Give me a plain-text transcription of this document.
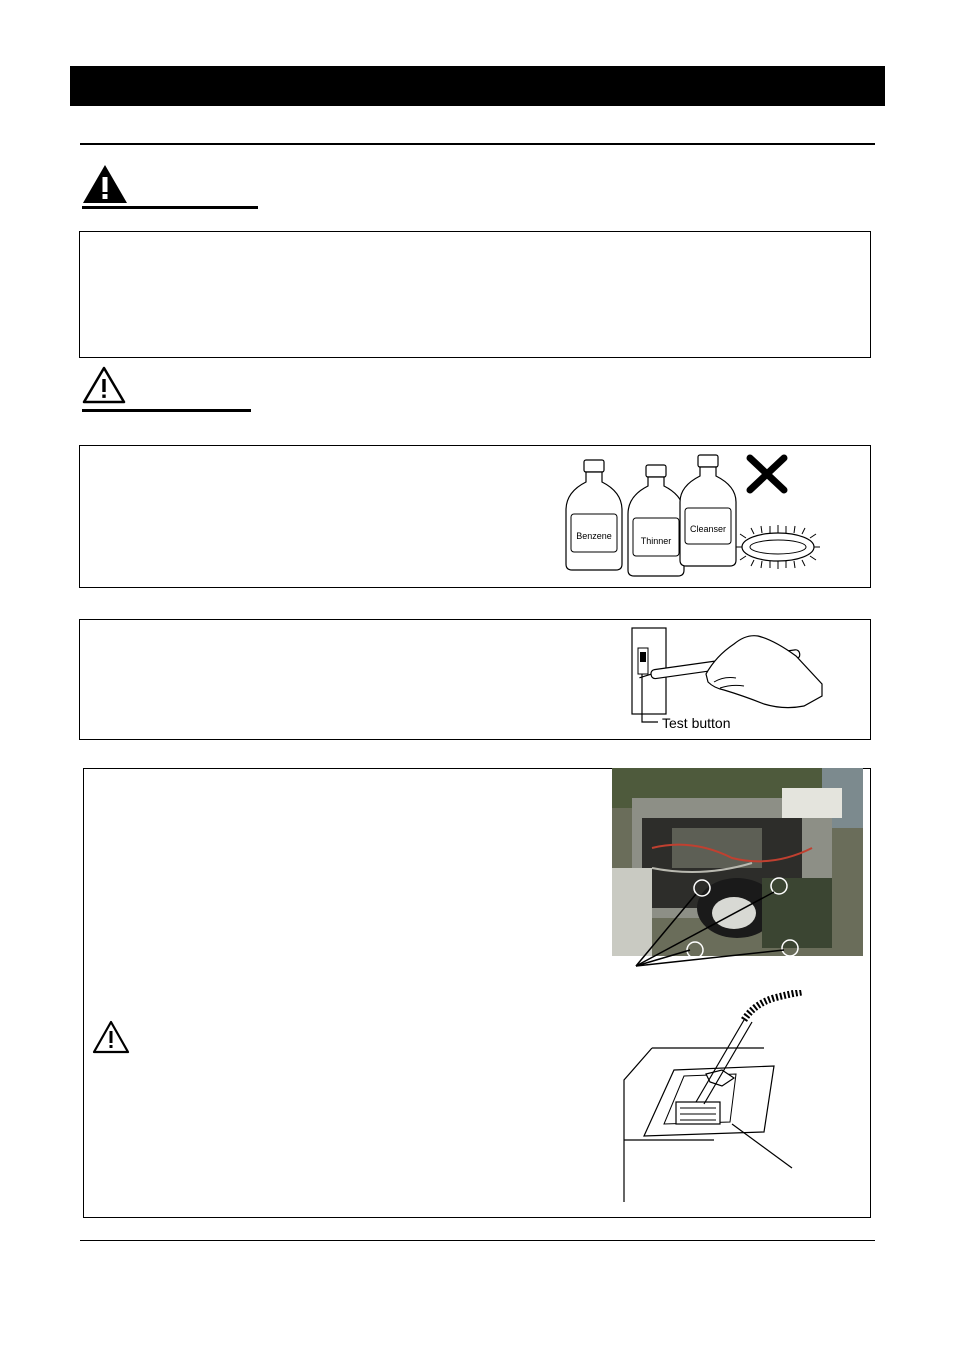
Benzene	Thinner
Cleanser
Test button
